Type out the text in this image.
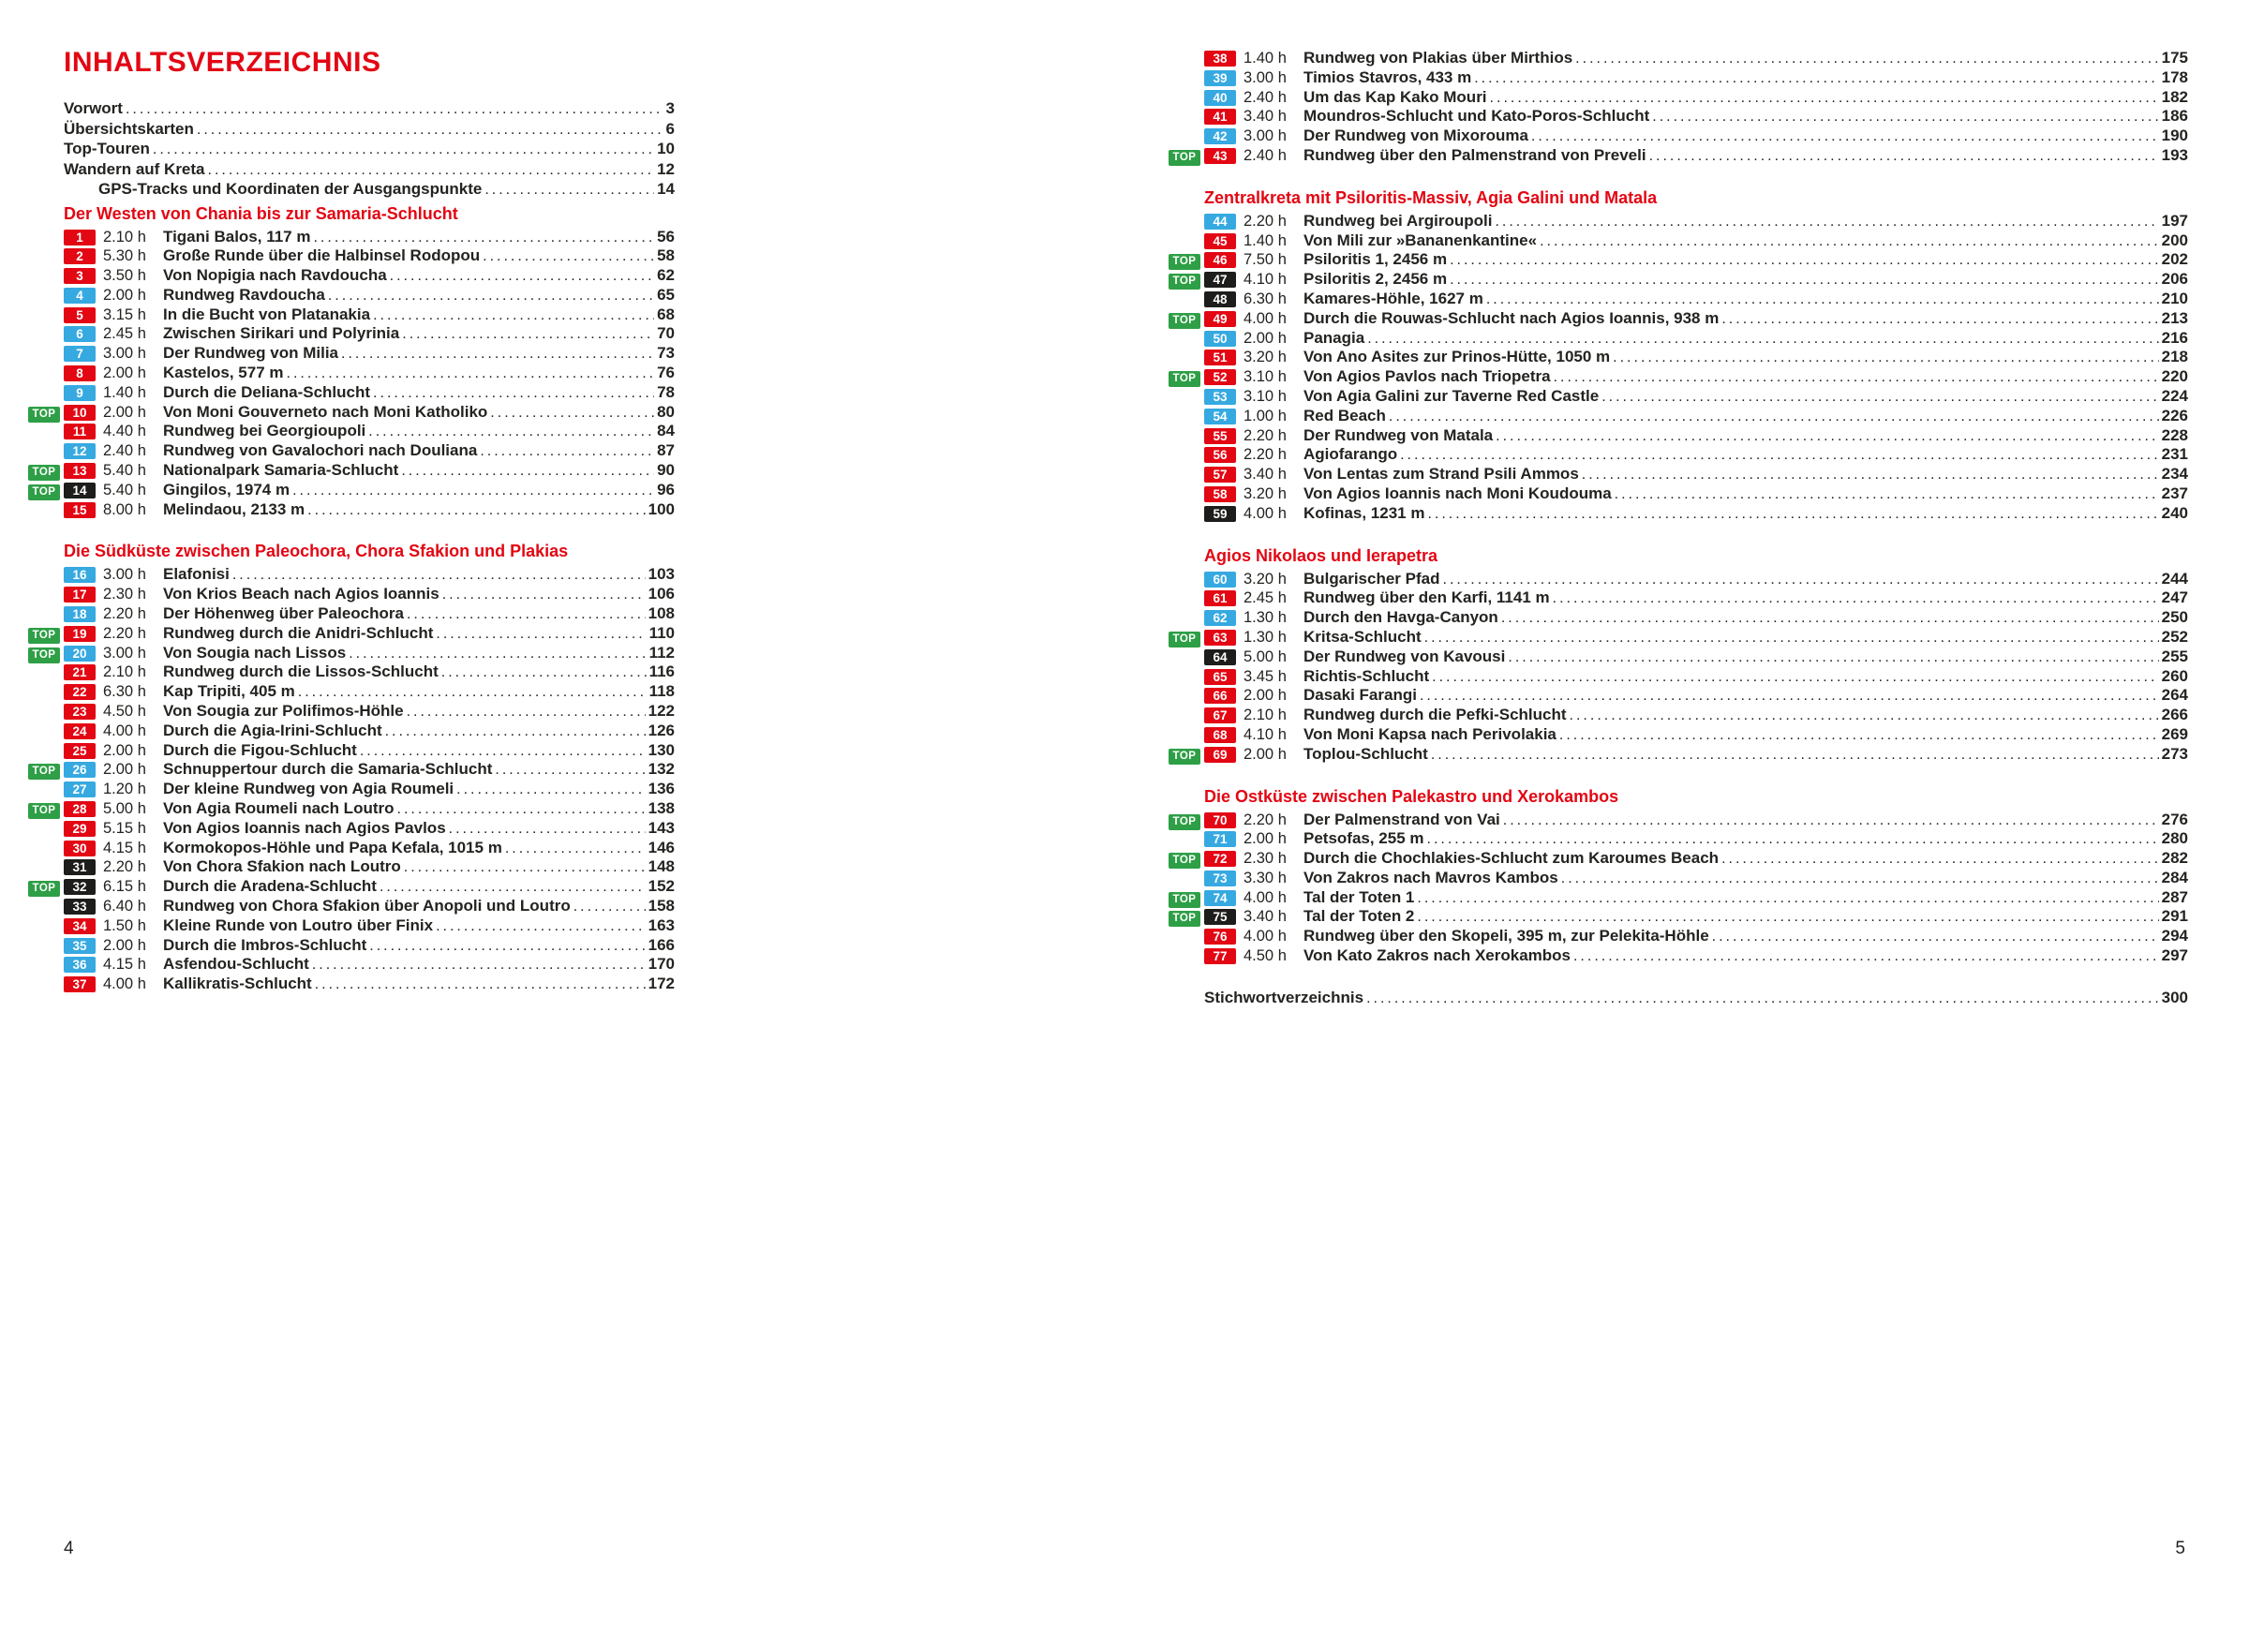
INHALTSVERZEICHNIS
Vorwort .....	3
Übersichtskarten .....	6
Top-Touren .....	10
Wandern auf Kreta .....	12
GPS-Tracks und Koordinaten der Ausgangspunkte .....	14
Der Westen von Chania bis zur Samaria-Schlucht
1	2.10 h	Tigani Balos, 117 m .....	56
2	5.30 h	Große Runde über die Halbinsel Rodopou .....	58
3	3.50 h	Von Nopigia nach Ravdoucha .....	62
4	2.00 h	Rundweg Ravdoucha .....	65
5	3.15 h	In die Bucht von Platanakia .....	68
6	2.45 h	Zwischen Sirikari und Polyrinia .....	70
7	3.00 h	Der Rundweg von Milia .....	73
8	2.00 h	Kastelos, 577 m .....	76
9	1.40 h	Durch die Deliana-Schlucht .....	78
TOP	10	2.00 h	Von Moni Gouverneto nach Moni Katholiko .....	80
11	4.40 h	Rundweg bei Georgioupoli .....	84
12	2.40 h	Rundweg von Gavalochori nach Douliana .....	87
TOP	13	5.40 h	Nationalpark Samaria-Schlucht .....	90
TOP	14	5.40 h	Gingilos, 1974 m .....	96
15	8.00 h	Melindaou, 2133 m .....	100
Die Südküste zwischen Paleochora, Chora Sfakion und Plakias
16	3.00 h	Elafonisi .....	103
17	2.30 h	Von Krios Beach nach Agios Ioannis .....	106
18	2.20 h	Der Höhenweg über Paleochora .....	108
TOP	19	2.20 h	Rundweg durch die Anidri-Schlucht .....	110
TOP	20	3.00 h	Von Sougia nach Lissos .....	112
21	2.10 h	Rundweg durch die Lissos-Schlucht .....	116
22	6.30 h	Kap Tripiti, 405 m .....	118
23	4.50 h	Von Sougia zur Polifimos-Höhle .....	122
24	4.00 h	Durch die Agia-Irini-Schlucht .....	126
25	2.00 h	Durch die Figou-Schlucht .....	130
TOP	26	2.00 h	Schnuppertour durch die Samaria-Schlucht .....	132
27	1.20 h	Der kleine Rundweg von Agia Roumeli .....	136
TOP	28	5.00 h	Von Agia Roumeli nach Loutro .....	138
29	5.15 h	Von Agios Ioannis nach Agios Pavlos .....	143
30	4.15 h	Kormokopos-Höhle und Papa Kefala, 1015 m .....	146
31	2.20 h	Von Chora Sfakion nach Loutro .....	148
TOP	32	6.15 h	Durch die Aradena-Schlucht .....	152
33	6.40 h	Rundweg von Chora Sfakion über Anopoli und Loutro .....	158
34	1.50 h	Kleine Runde von Loutro über Finix .....	163
35	2.00 h	Durch die Imbros-Schlucht .....	166
36	4.15 h	Asfendou-Schlucht .....	170
37	4.00 h	Kallikratis-Schlucht .....	172
38	1.40 h	Rundweg von Plakias über Mirthios .....	175
39	3.00 h	Timios Stavros, 433 m .....	178
40	2.40 h	Um das Kap Kako Mouri .....	182
41	3.40 h	Moundros-Schlucht und Kato-Poros-Schlucht .....	186
42	3.00 h	Der Rundweg von Mixorouma .....	190
TOP	43	2.40 h	Rundweg über den Palmenstrand von Preveli .....	193
Zentralkreta mit Psiloritis-Massiv, Agia Galini und Matala
44	2.20 h	Rundweg bei Argiroupoli .....	197
45	1.40 h	Von Mili zur »Bananenkantine« .....	200
TOP	46	7.50 h	Psiloritis 1, 2456 m .....	202
TOP	47	4.10 h	Psiloritis 2, 2456 m .....	206
48	6.30 h	Kamares-Höhle, 1627 m .....	210
TOP	49	4.00 h	Durch die Rouwas-Schlucht nach Agios Ioannis, 938 m .....	213
50	2.00 h	Panagia .....	216
51	3.20 h	Von Ano Asites zur Prinos-Hütte, 1050 m .....	218
TOP	52	3.10 h	Von Agios Pavlos nach Triopetra .....	220
53	3.10 h	Von Agia Galini zur Taverne Red Castle .....	224
54	1.00 h	Red Beach .....	226
55	2.20 h	Der Rundweg von Matala .....	228
56	2.20 h	Agiofarango .....	231
57	3.40 h	Von Lentas zum Strand Psili Ammos .....	234
58	3.20 h	Von Agios Ioannis nach Moni Koudouma .....	237
59	4.00 h	Kofinas, 1231 m .....	240
Agios Nikolaos und Ierapetra
60	3.20 h	Bulgarischer Pfad .....	244
61	2.45 h	Rundweg über den Karfi, 1141 m .....	247
62	1.30 h	Durch den Havga-Canyon .....	250
TOP	63	1.30 h	Kritsa-Schlucht .....	252
64	5.00 h	Der Rundweg von Kavousi .....	255
65	3.45 h	Richtis-Schlucht .....	260
66	2.00 h	Dasaki Farangi .....	264
67	2.10 h	Rundweg durch die Pefki-Schlucht .....	266
68	4.10 h	Von Moni Kapsa nach Perivolakia .....	269
TOP	69	2.00 h	Toplou-Schlucht .....	273
Die Ostküste zwischen Palekastro und Xerokambos
TOP	70	2.20 h	Der Palmenstrand von Vai .....	276
71	2.00 h	Petsofas, 255 m .....	280
TOP	72	2.30 h	Durch die Chochlakies-Schlucht zum Karoumes Beach .....	282
73	3.30 h	Von Zakros nach Mavros Kambos .....	284
TOP	74	4.00 h	Tal der Toten 1 .....	287
TOP	75	3.40 h	Tal der Toten 2 .....	291
76	4.00 h	Rundweg über den Skopeli, 395 m, zur Pelekita-Höhle .....	294
77	4.50 h	Von Kato Zakros nach Xerokambos .....	297
Stichwortverzeichnis .....	300
4	5
